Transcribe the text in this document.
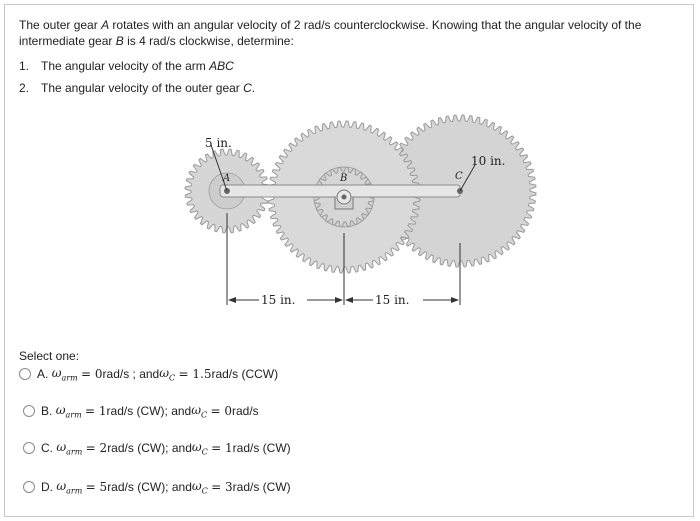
The outer gear A rotates with an angular velocity of 2 rad/s counterclockwise. Knowing that the angular velocity of the intermediate gear B is 4 rad/s clockwise, determine:
1. The angular velocity of the arm ABC
2. The angular velocity of the outer gear C.
5 in.
A	B	C
10 in.
15 in.	15 in.
Select one:
A.
$\omega_{arm}$
= 0 rad/s ; and $\omega_C$
= 1.5 rad/s (CCW)
B.
$\omega_{arm}$
= 1 rad/s (CW); and $\omega_C$
= 0 rad/s
C.
$\omega_{arm}$
= 2 rad/s (CW); and $\omega_C$
= 1 rad/s (CW)
D.
$\omega_{arm}$
= 5 rad/s (CW); and $\omega_C$
= 3 rad/s (CW)
